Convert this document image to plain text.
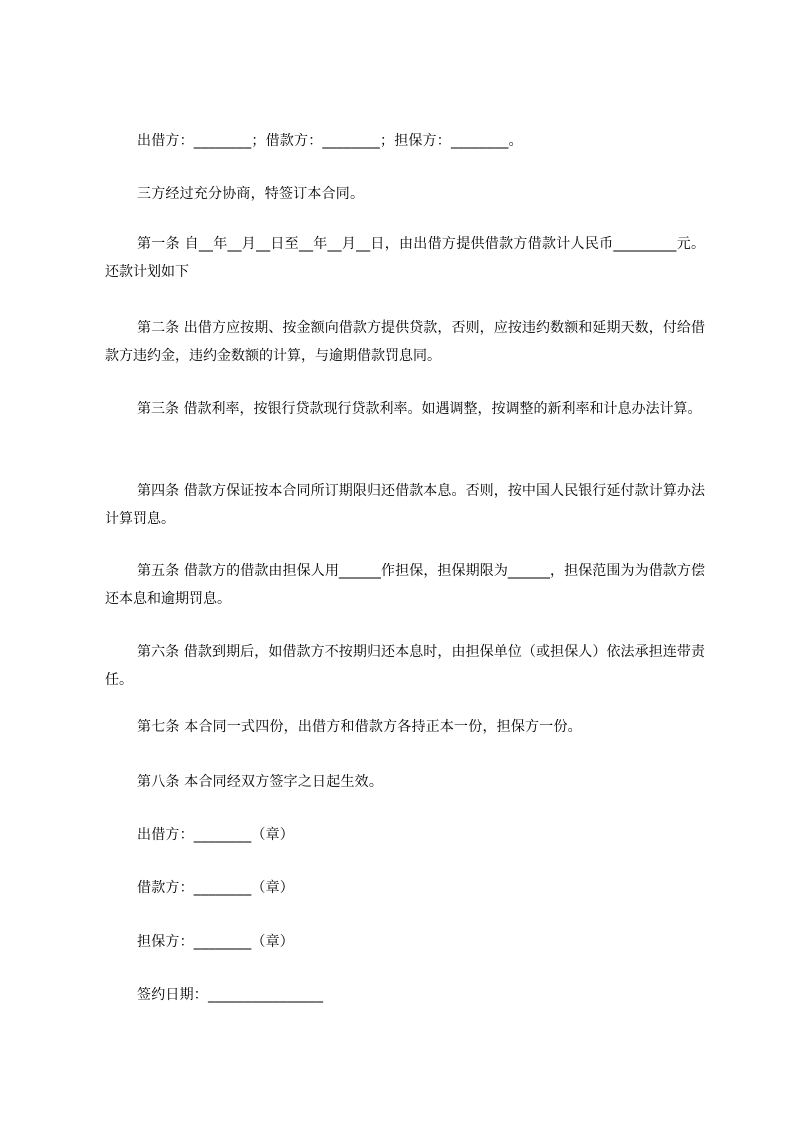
出借方：________；借款方：________；担保方：________。
三方经过充分协商，特签订本合同。
第一条 自__年__月__日至__年__月__日，由出借方提供借款方借款计人民币_________元。还款计划如下
第二条 出借方应按期、按金额向借款方提供贷款，否则，应按违约数额和延期天数，付给借款方违约金，违约金数额的计算，与逾期借款罚息同。
第三条 借款利率，按银行贷款现行贷款利率。如遇调整，按调整的新利率和计息办法计算。
第四条 借款方保证按本合同所订期限归还借款本息。否则，按中国人民银行延付款计算办法计算罚息。
第五条 借款方的借款由担保人用______作担保，担保期限为______，担保范围为为借款方偿还本息和逾期罚息。
第六条 借款到期后，如借款方不按期归还本息时，由担保单位（或担保人）依法承担连带责任。
第七条 本合同一式四份，出借方和借款方各持正本一份，担保方一份。
第八条 本合同经双方签字之日起生效。
出借方：________（章）
借款方：________（章）
担保方：________（章）
签约日期：________________
